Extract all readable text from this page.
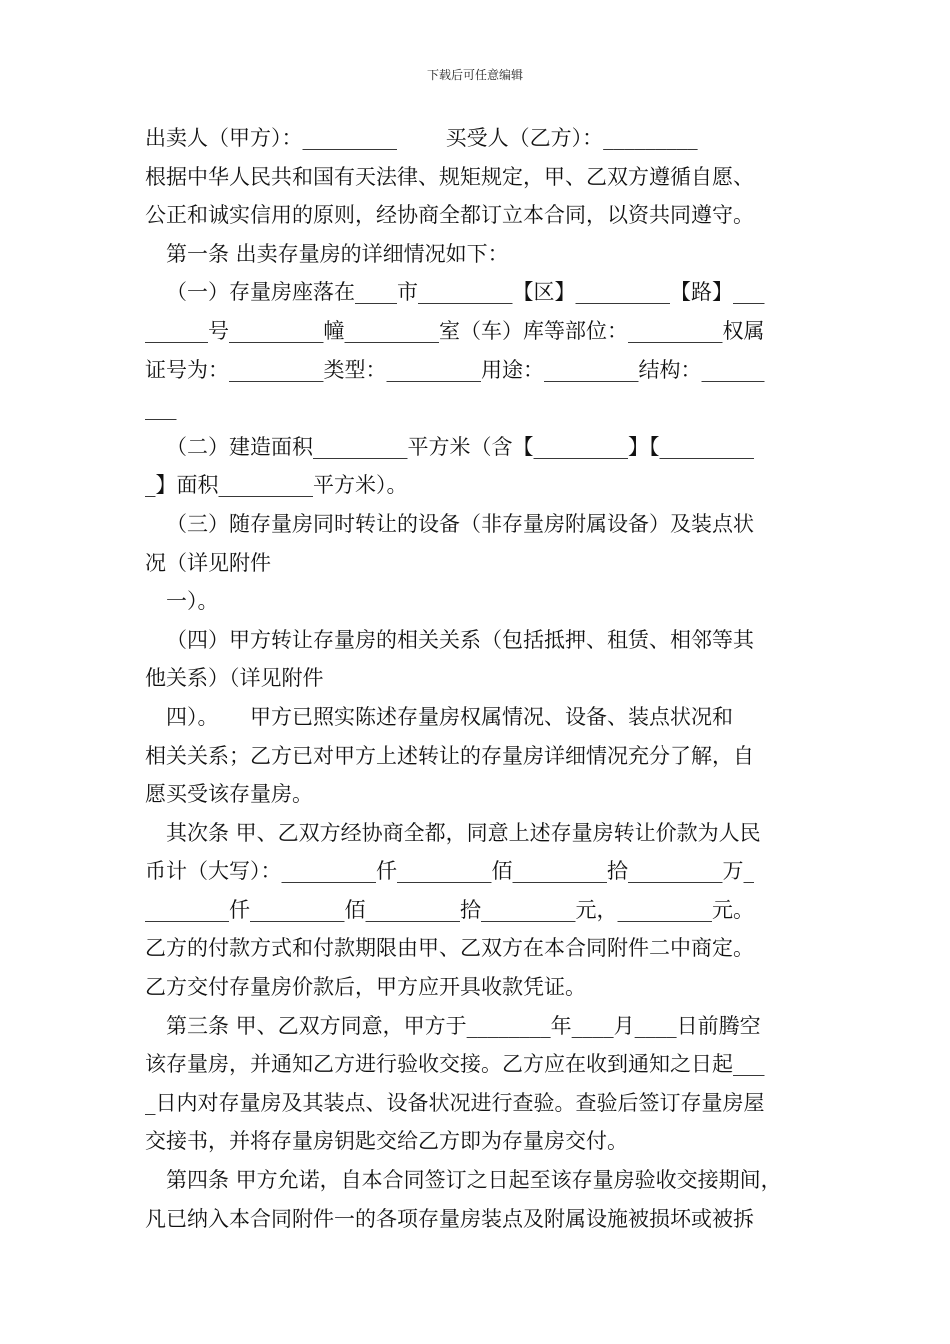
下载后可任意编辑
出卖人（甲方）：_________　　 买受人（乙方）：_________
根据中华人民共和国有天法律、规矩规定，甲、乙双方遵循自愿、
公正和诚实信用的原则，经协商全都订立本合同，以资共同遵守。
第一条 出卖存量房的详细情况如下：
（一）存量房座落在____市_________【区】_________【路】___
______号_________幢_________室（车）库等部位：_________权属
证号为：_________类型：_________用途：_________结构：______
___
（二）建造面积_________平方米（含【_________】【_________
_】面积_________平方米）。
（三）随存量房同时转让的设备（非存量房附属设备）及装点状
况（详见附件
一）。
（四）甲方转让存量房的相关关系（包括抵押、租赁、相邻等其
他关系）（详见附件
四）。　　甲方已照实陈述存量房权属情况、设备、装点状况和
相关关系；乙方已对甲方上述转让的存量房详细情况充分了解，自
愿买受该存量房。
其次条 甲、乙双方经协商全都，同意上述存量房转让价款为人民
币计（大写）：_________仟_________佰_________拾_________万_
________仟_________佰_________拾_________元，_________元。
乙方的付款方式和付款期限由甲、乙双方在本合同附件二中商定。
乙方交付存量房价款后，甲方应开具收款凭证。
第三条 甲、乙双方同意，甲方于________年____月____日前腾空
该存量房，并通知乙方进行验收交接。乙方应在收到通知之日起___
_日内对存量房及其装点、设备状况进行查验。查验后签订存量房屋
交接书，并将存量房钥匙交给乙方即为存量房交付。
第四条 甲方允诺，自本合同签订之日起至该存量房验收交接期间，
凡已纳入本合同附件一的各项存量房装点及附属设施被损坏或被拆
